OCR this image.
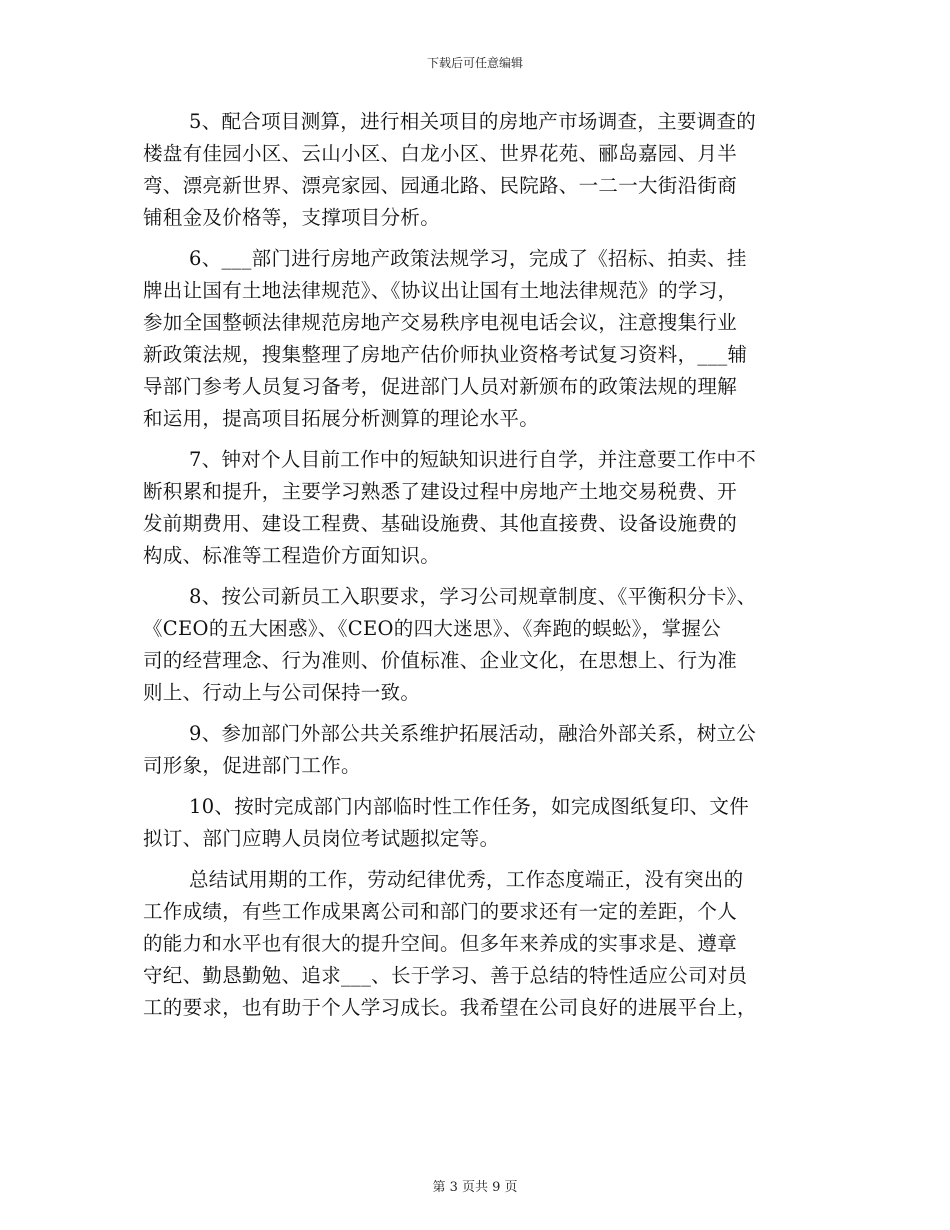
下载后可任意编辑
5、配合项目测算，进行相关项目的房地产市场调查，主要调查的
楼盘有佳园小区、云山小区、白龙小区、世界花苑、郦岛嘉园、月半
弯、漂亮新世界、漂亮家园、园通北路、民院路、一二一大街沿街商
铺租金及价格等，支撑项目分析。
6、___部门进行房地产政策法规学习，完成了《招标、拍卖、挂
牌出让国有土地法律规范》、《协议出让国有土地法律规范》的学习，
参加全国整顿法律规范房地产交易秩序电视电话会议，注意搜集行业
新政策法规，搜集整理了房地产估价师执业资格考试复习资料，___辅
导部门参考人员复习备考，促进部门人员对新颁布的政策法规的理解
和运用，提高项目拓展分析测算的理论水平。
7、钟对个人目前工作中的短缺知识进行自学，并注意要工作中不
断积累和提升，主要学习熟悉了建设过程中房地产土地交易税费、开
发前期费用、建设工程费、基础设施费、其他直接费、设备设施费的
构成、标准等工程造价方面知识。
8、按公司新员工入职要求，学习公司规章制度、《平衡积分卡》、
《CEO的五大困惑》、《CEO的四大迷思》、《奔跑的蜈蚣》，掌握公
司的经营理念、行为准则、价值标准、企业文化，在思想上、行为准
则上、行动上与公司保持一致。
9、参加部门外部公共关系维护拓展活动，融洽外部关系，树立公
司形象，促进部门工作。
10、按时完成部门内部临时性工作任务，如完成图纸复印、文件
拟订、部门应聘人员岗位考试题拟定等。
总结试用期的工作，劳动纪律优秀，工作态度端正，没有突出的
工作成绩，有些工作成果离公司和部门的要求还有一定的差距，个人
的能力和水平也有很大的提升空间。但多年来养成的实事求是、遵章
守纪、勤恳勤勉、追求___、长于学习、善于总结的特性适应公司对员
工的要求，也有助于个人学习成长。我希望在公司良好的进展平台上，
第 3 页共 9 页
